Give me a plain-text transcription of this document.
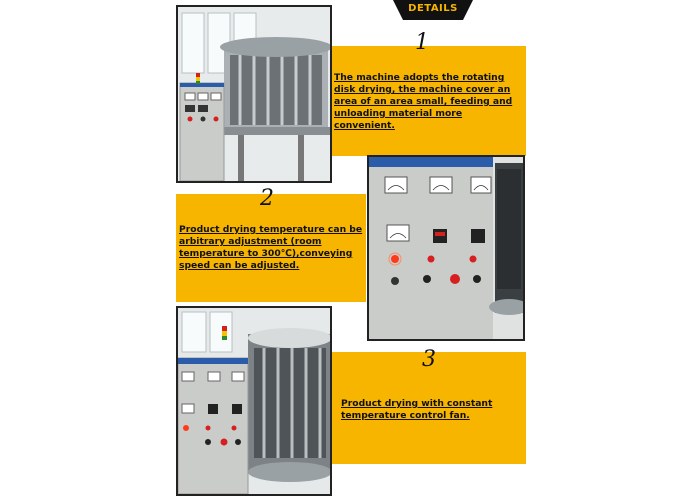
DETAILS
1
The machine adopts the rotating disk drying, the machine cover an area of an area small, feeding and unloading material more convenient.
2
Product drying temperature can be arbitrary adjustment (room temperature to 300℃),conveying speed can be adjusted.
3
Product drying with constant temperature control fan.
